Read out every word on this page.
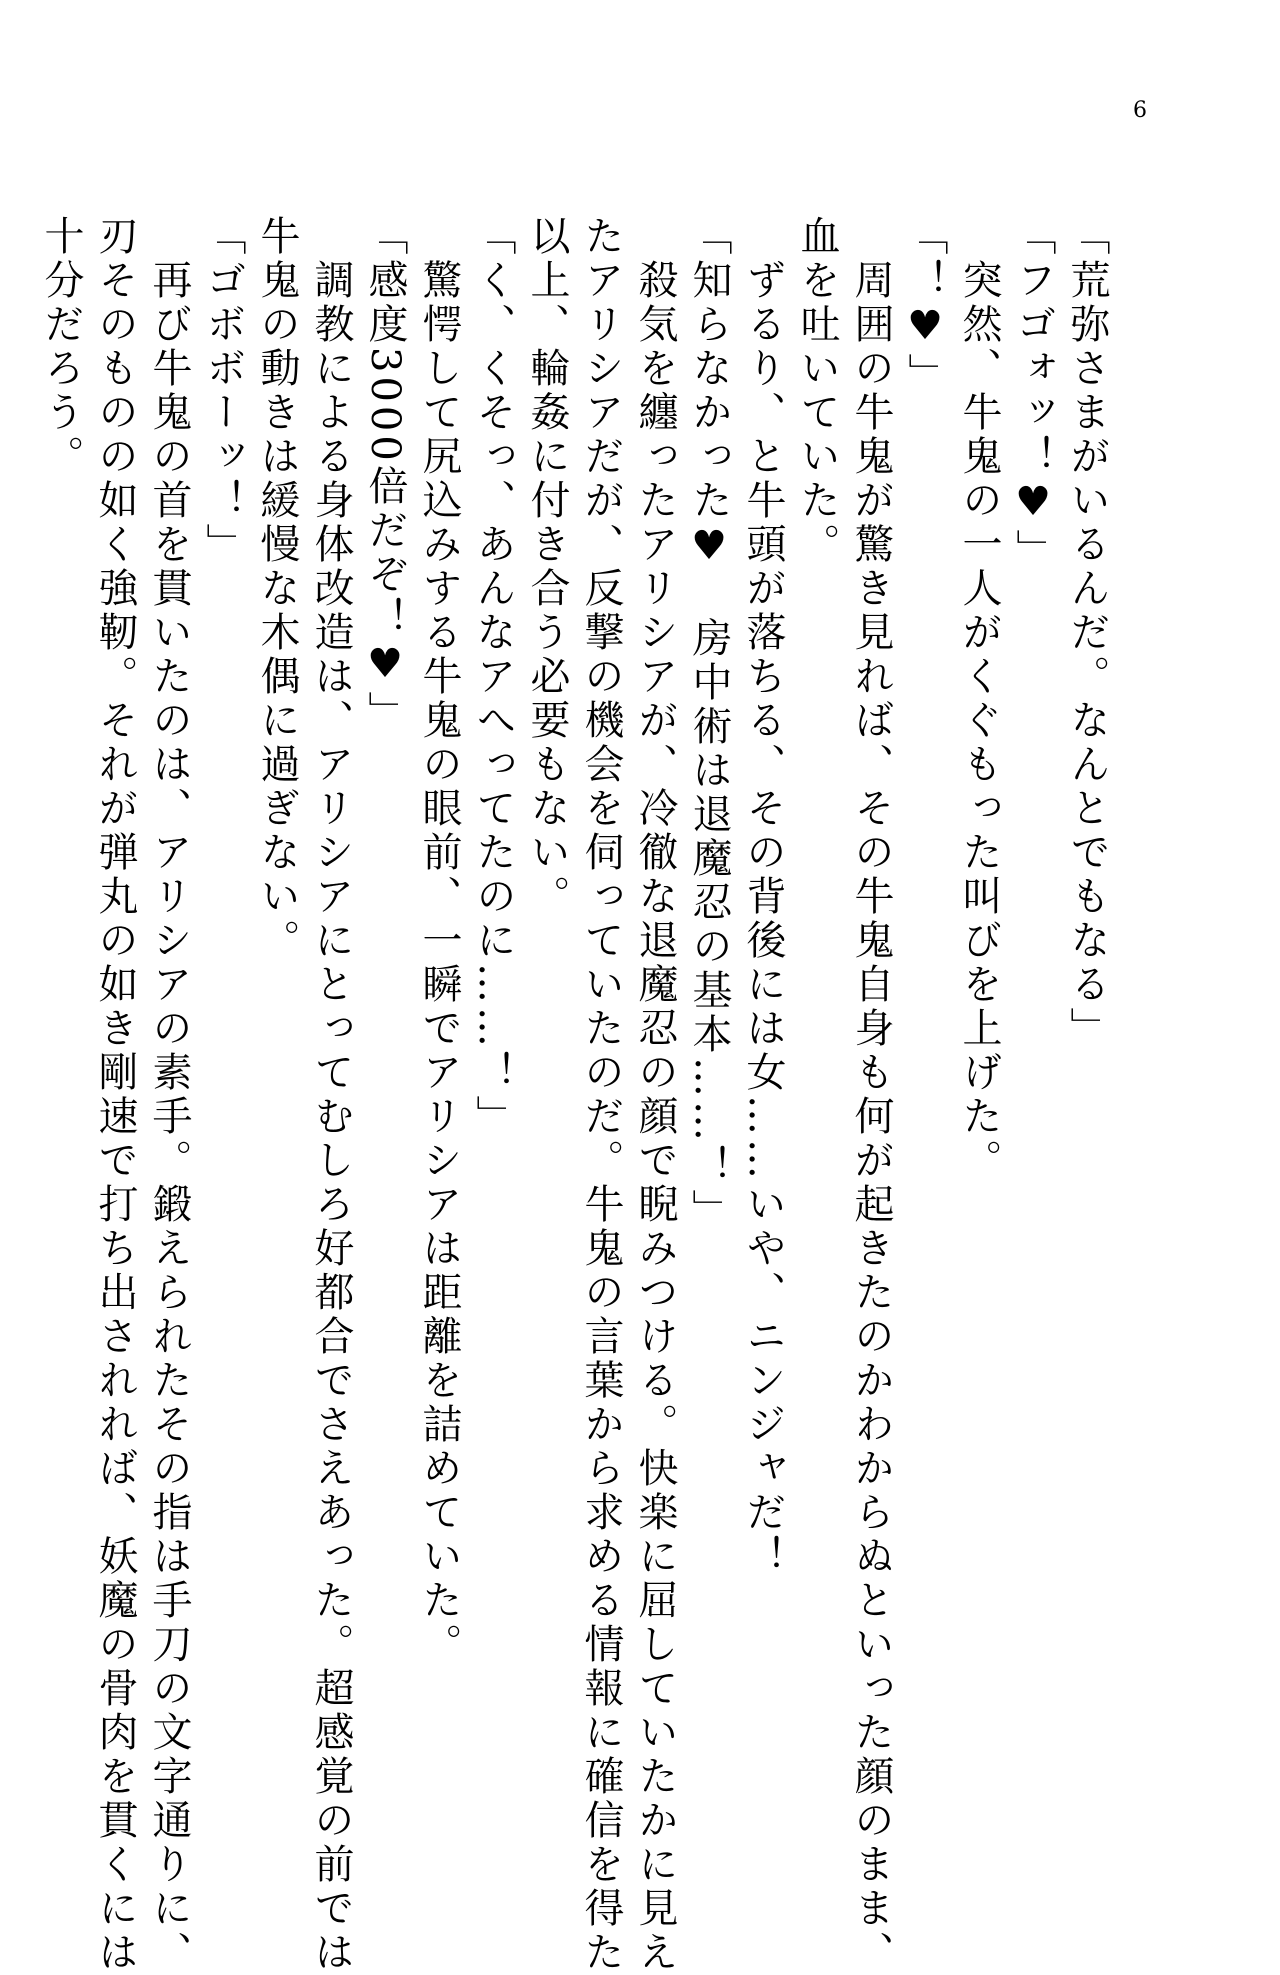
6
「荒弥さまがいるんだ。なんとでもなる」
「フゴォッ！♥」
　突然、牛鬼の一人がくぐもった叫びを上げた。
「！♥」
　周囲の牛鬼が驚き見れば、その牛鬼自身も何が起きたのかわからぬといった顔のまま、
血を吐いていた。
　ずるり、と牛頭が落ちる、その背後には女……いや、ニンジャだ！
「知らなかった♥　房中術は退魔忍の基本……！」
　殺気を纏ったアリシアが、冷徹な退魔忍の顔で睨みつける。快楽に屈していたかに見え
たアリシアだが、反撃の機会を伺っていたのだ。牛鬼の言葉から求める情報に確信を得た
以上、輪姦に付き合う必要もない。
「く、くそっ、あんなアへってたのに……！」
　驚愕して尻込みする牛鬼の眼前、一瞬でアリシアは距離を詰めていた。
「感度3000倍だぞ！♥」
　調教による身体改造は、アリシアにとってむしろ好都合でさえあった。超感覚の前では
牛鬼の動きは緩慢な木偶に過ぎない。
「ゴボボーッ！」
　再び牛鬼の首を貫いたのは、アリシアの素手。鍛えられたその指は手刀の文字通りに、
刃そのものの如く強靭。それが弾丸の如き剛速で打ち出されれば、妖魔の骨肉を貫くには
十分だろう。
